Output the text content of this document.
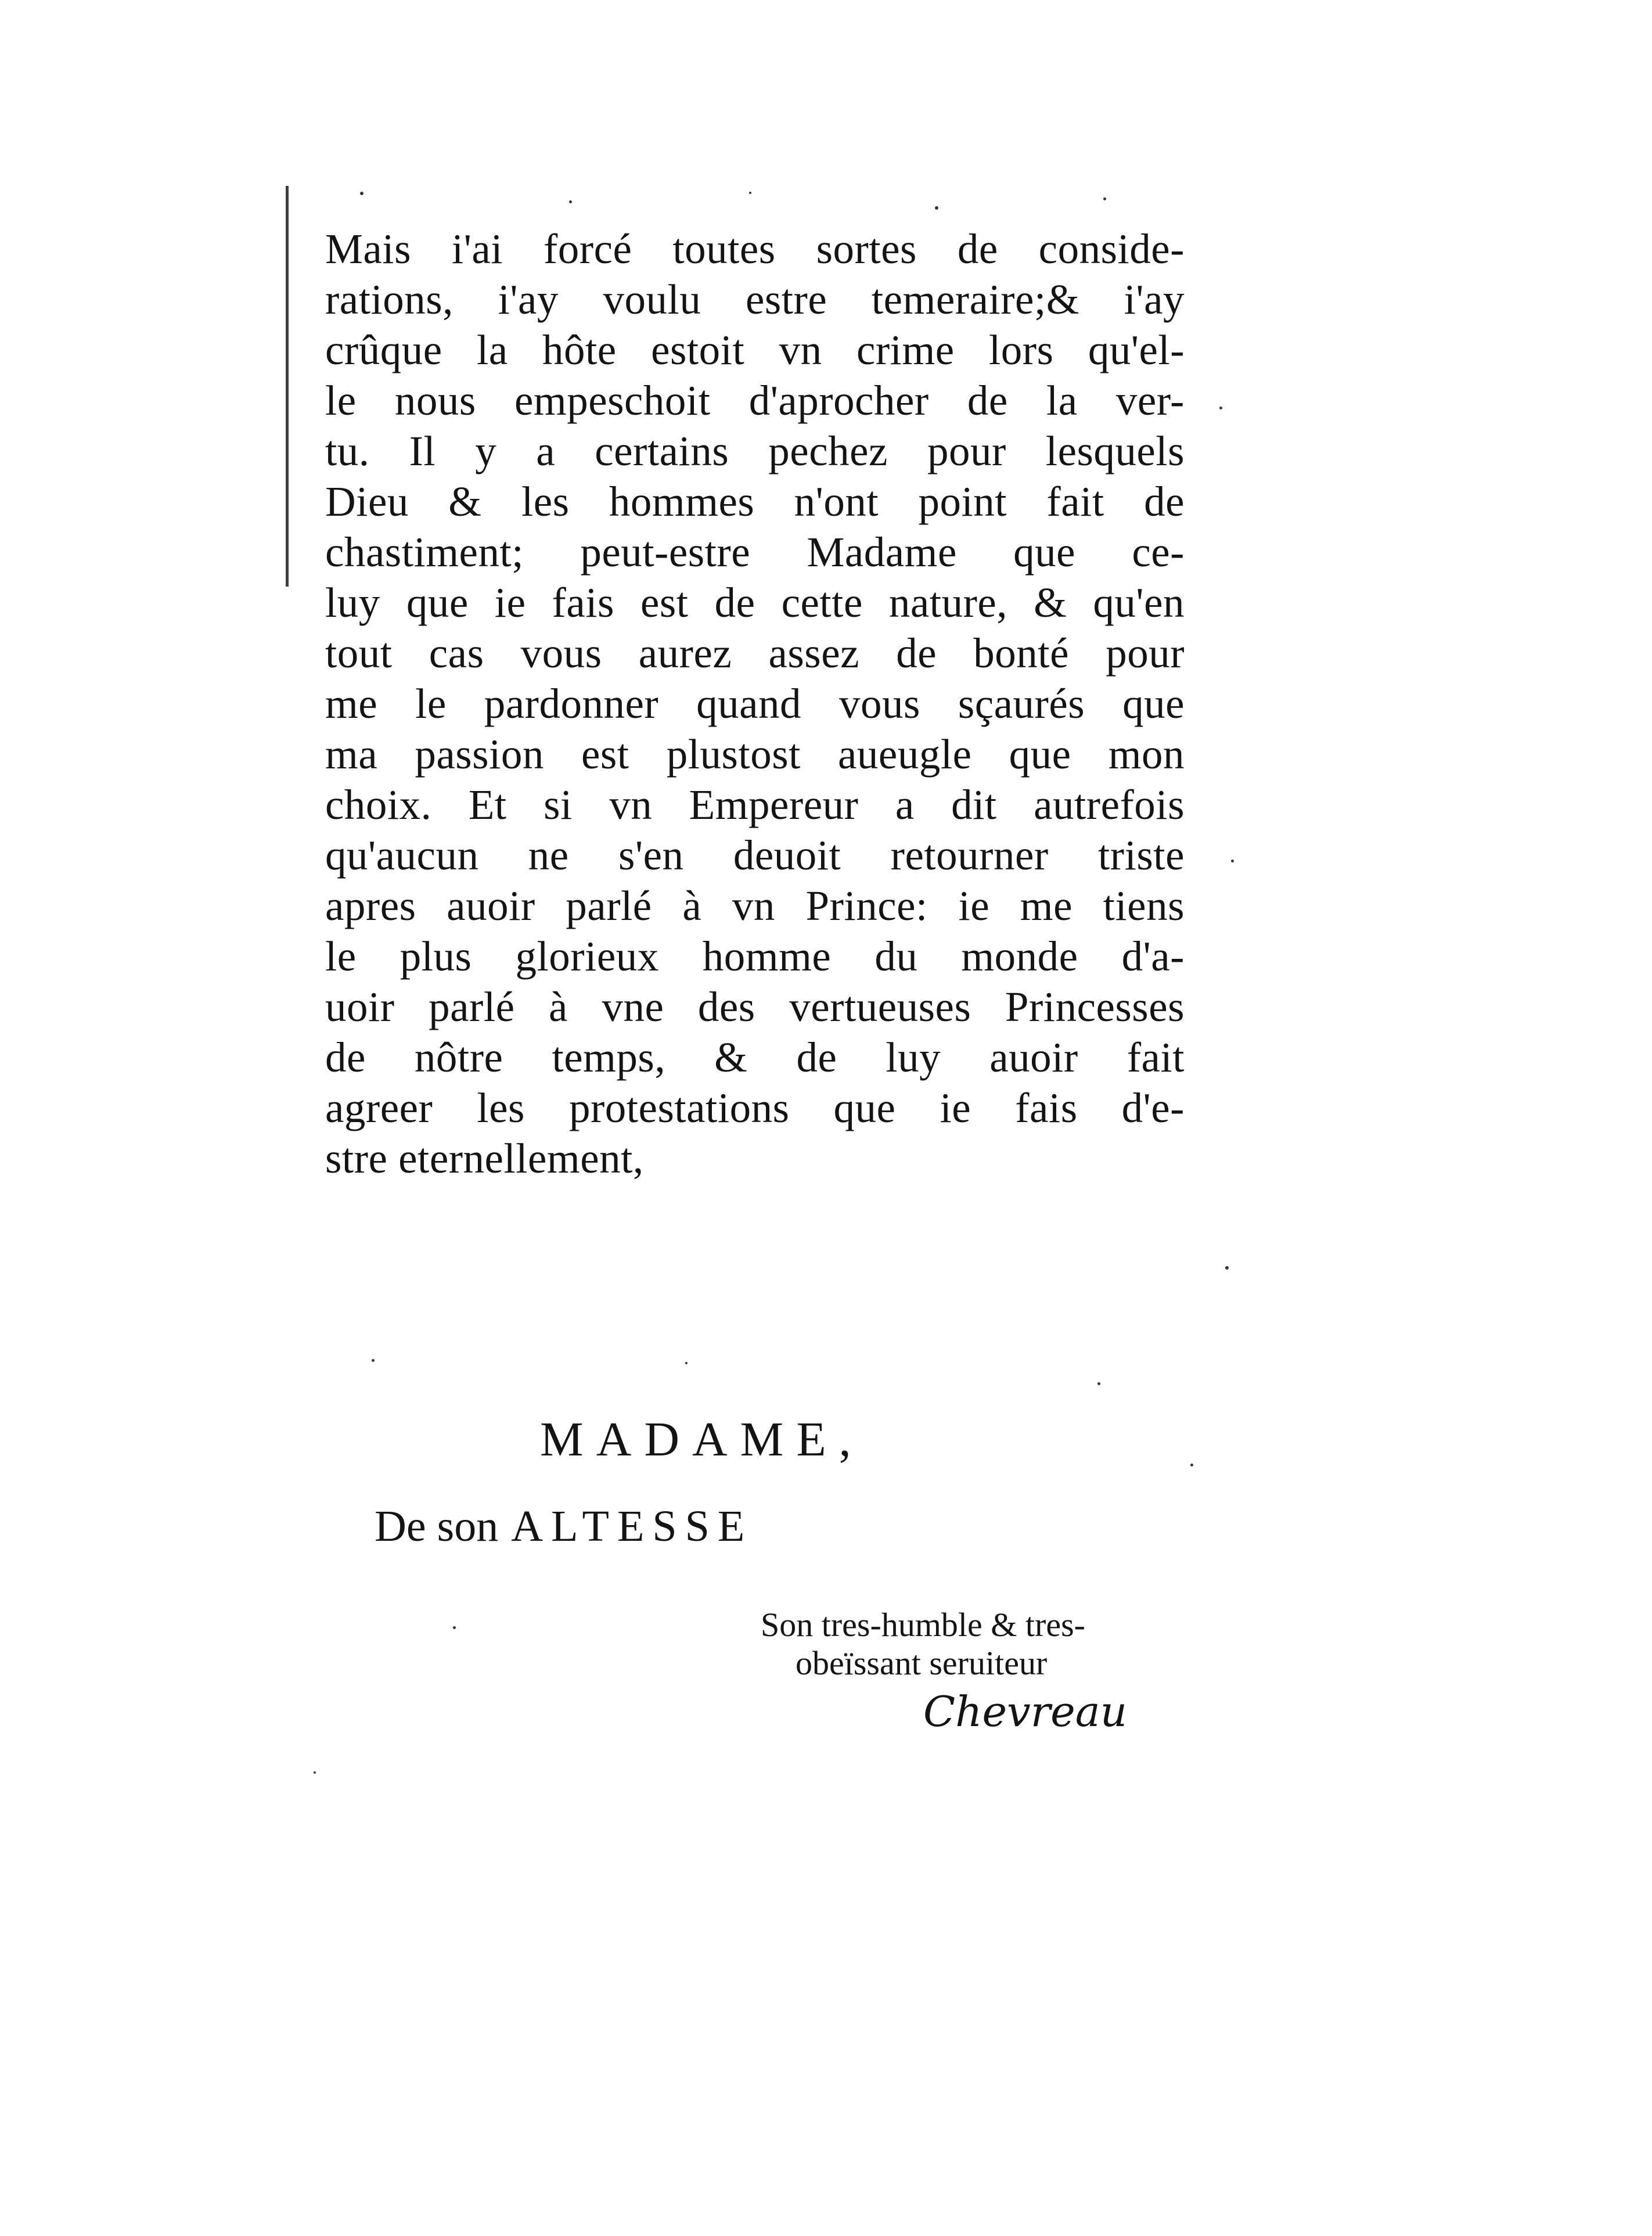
Mais i'ai forcé toutes sortes de conside-
rations, i'ay voulu estre temeraire;& i'ay
crûque la hôte estoit vn crime lors qu'el-
le nous empeschoit d'aprocher de la ver-
tu. Il y a certains pechez pour lesquels
Dieu & les hommes n'ont point fait de
chastiment; peut-estre Madame que ce-
luy que ie fais est de cette nature, & qu'en
tout cas vous aurez assez de bonté pour
me le pardonner quand vous sçaurés que
ma passion est plustost aueugle que mon
choix. Et si vn Empereur a dit autrefois
qu'aucun ne s'en deuoit retourner triste
apres auoir parlé à vn Prince: ie me tiens
le plus glorieux homme du monde d'a-
uoir parlé à vne des vertueuses Princesses
de nôtre temps, & de luy auoir fait
agreer les protestations que ie fais d'e-
stre eternellement,
MADAME,
De son ALTESSE
Son tres-humble & tres-
obeïssant seruiteur
Chevreau
